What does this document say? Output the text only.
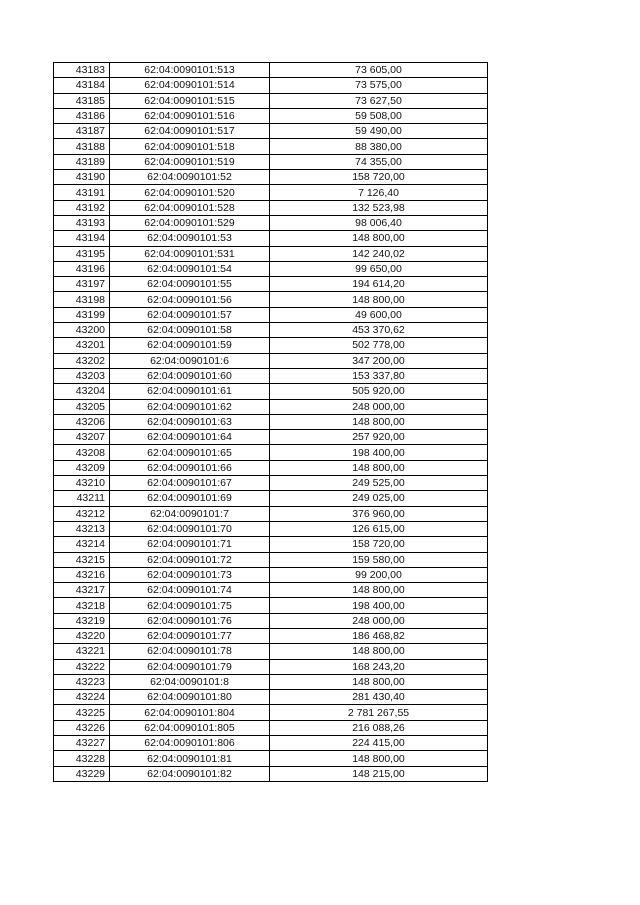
43183	62:04:0090101:513	73 605,00
43184	62:04:0090101:514	73 575,00
43185	62:04:0090101:515	73 627,50
43186	62:04:0090101:516	59 508,00
43187	62:04:0090101:517	59 490,00
43188	62:04:0090101:518	88 380,00
43189	62:04:0090101:519	74 355,00
43190	62:04:0090101:52	158 720,00
43191	62:04:0090101:520	7 126,40
43192	62:04:0090101:528	132 523,98
43193	62:04:0090101:529	98 006,40
43194	62:04:0090101:53	148 800,00
43195	62:04:0090101:531	142 240,02
43196	62:04:0090101:54	99 650,00
43197	62:04:0090101:55	194 614,20
43198	62:04:0090101:56	148 800,00
43199	62:04:0090101:57	49 600,00
43200	62:04:0090101:58	453 370,62
43201	62:04:0090101:59	502 778,00
43202	62:04:0090101:6	347 200,00
43203	62:04:0090101:60	153 337,80
43204	62:04:0090101:61	505 920,00
43205	62:04:0090101:62	248 000,00
43206	62:04:0090101:63	148 800,00
43207	62:04:0090101:64	257 920,00
43208	62:04:0090101:65	198 400,00
43209	62:04:0090101:66	148 800,00
43210	62:04:0090101:67	249 525,00
43211	62:04:0090101:69	249 025,00
43212	62:04:0090101:7	376 960,00
43213	62:04:0090101:70	126 615,00
43214	62:04:0090101:71	158 720,00
43215	62:04:0090101:72	159 580,00
43216	62:04:0090101:73	99 200,00
43217	62:04:0090101:74	148 800,00
43218	62:04:0090101:75	198 400,00
43219	62:04:0090101:76	248 000,00
43220	62:04:0090101:77	186 468,82
43221	62:04:0090101:78	148 800,00
43222	62:04:0090101:79	168 243,20
43223	62:04:0090101:8	148 800,00
43224	62:04:0090101:80	281 430,40
43225	62:04:0090101:804	2 781 267,55
43226	62:04:0090101:805	216 088,26
43227	62:04:0090101:806	224 415,00
43228	62:04:0090101:81	148 800,00
43229	62:04:0090101:82	148 215,00
